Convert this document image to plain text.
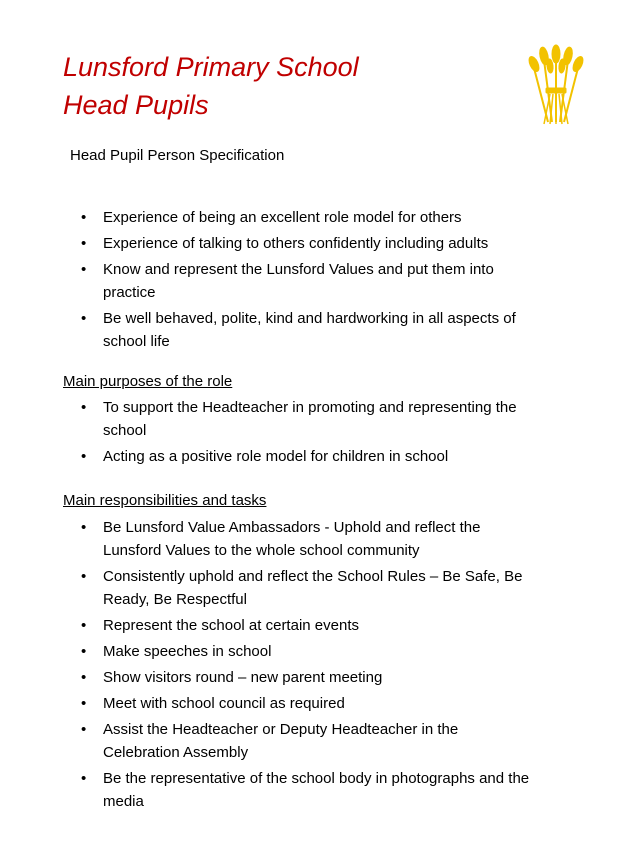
Lunsford Primary School
Head Pupils
Head Pupil Person Specification
• Experience of being an excellent role model for others
• Experience of talking to others confidently including adults
• Know and represent the Lunsford Values and put them into practice
• Be well behaved, polite, kind and hardworking in all aspects of school life
Main purposes of the role
• To support the Headteacher in promoting and representing the school
• Acting as a positive role model for children in school
Main responsibilities and tasks
• Be Lunsford Value Ambassadors - Uphold and reflect the Lunsford Values to the whole school community
• Consistently uphold and reflect the School Rules – Be Safe, Be Ready, Be Respectful
• Represent the school at certain events
• Make speeches in school
• Show visitors round – new parent meeting
• Meet with school council as required
• Assist the Headteacher or Deputy Headteacher in the Celebration Assembly
• Be the representative of the school body in photographs and the media
